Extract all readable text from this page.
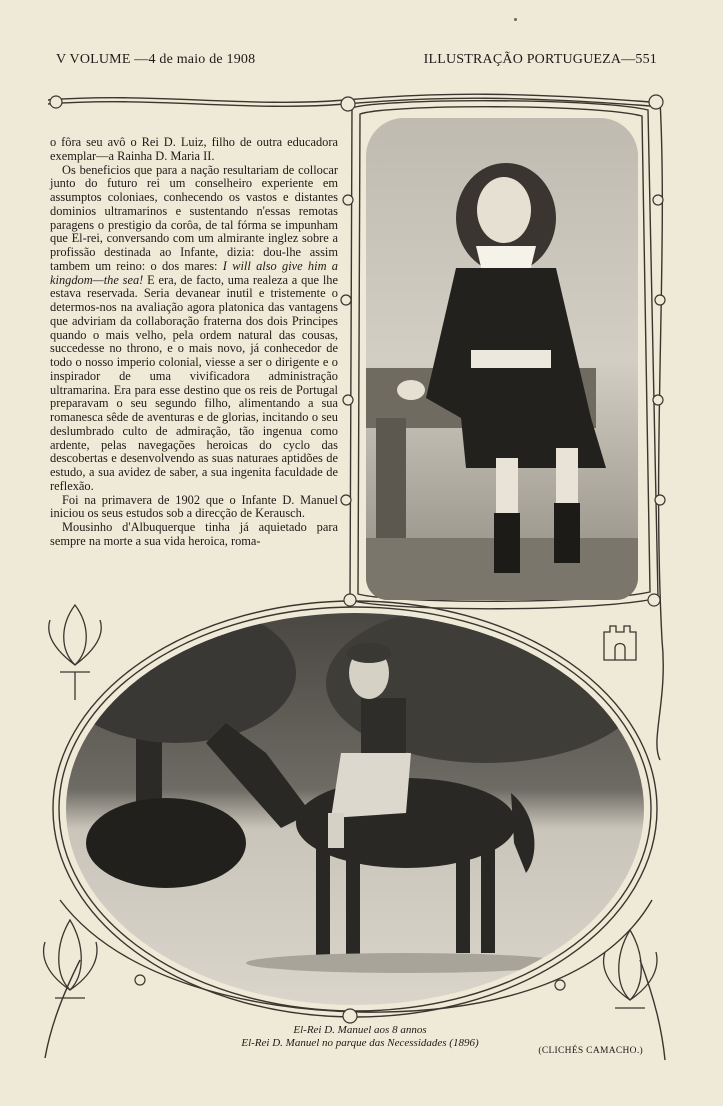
V VOLUME —4 de maio de 1908	ILLUSTRAÇÃO PORTUGUEZA—551

o fôra seu avô o Rei D. Luiz, filho de outra educadora exemplar—a Rainha D. Maria II.

Os beneficios que para a nação resultariam de collocar junto do futuro rei um conselheiro experiente em assumptos coloniaes, conhecendo os vastos e distantes dominios ultramarinos e sustentando n'essas remotas paragens o prestigio da corôa, de tal fórma se impunham que El-rei, conversando com um almirante inglez sobre a profissão destinada ao Infante, dizia: dou-lhe assim tambem um reino: o dos mares: I will also give him a kingdom—the sea! E era, de facto, uma realeza a que lhe estava reservada. Seria devanear inutil e tristemente o determos-nos na avaliação agora platonica das vantagens que adviriam da collaboração fraterna dos dois Principes quando o mais velho, pela ordem natural das cousas, succedesse no throno, e o mais novo, já conhecedor de todo o nosso imperio colonial, viesse a ser o dirigente e o inspirador de uma vivificadora administração ultramarina. Era para esse destino que os reis de Portugal preparavam o seu segundo filho, alimentando a sua romanesca sêde de aventuras e de glorias, incitando o seu deslumbrado culto de admiração, tão ingenua como ardente, pelas navegações heroicas do cyclo das descobertas e desenvolvendo as suas naturaes aptidões de estudo, a sua avidez de saber, a sua ingenita faculdade de reflexão.

Foi na primavera de 1902 que o Infante D. Manuel iniciou os seus estudos sob a direcção de Kerausch.

Mousinho d'Albuquerque tinha já aquietado para sempre na morte a sua vida heroica, roma-

El-Rei D. Manuel aos 8 annos
El-Rei D. Manuel no parque das Necessidades (1896)
(CLICHÉS CAMACHO.)
